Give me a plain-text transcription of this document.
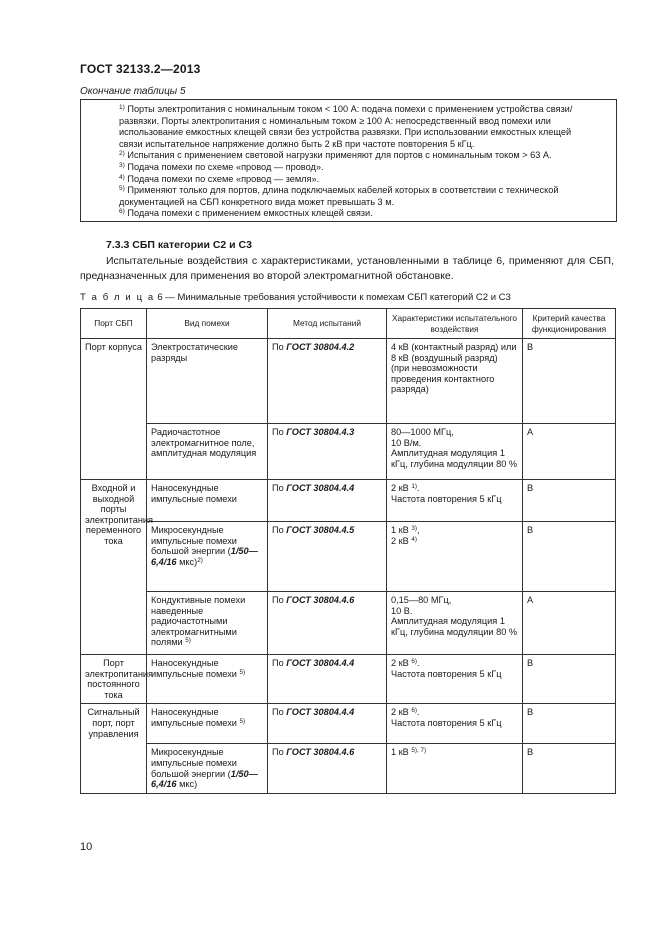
ГОСТ 32133.2—2013
Окончание таблицы 5

$^{1)}$ Порты электропитания с номинальным током < 100 А: подача помехи с применением устройства связи/развязки. Порты электропитания с номинальным током ≥ 100 А: непосредственный ввод помехи или использование емкостных клещей связи без устройства развязки. При использовании емкостных клещей связи испытательное напряжение должно быть 2 кВ при частоте повторения 5 кГц.

$^{2)}$ Испытания с применением световой нагрузки применяют для портов с номинальным током > 63 А.

$^{3)}$ Подача помехи по схеме «провод — провод».

$^{4)}$ Подача помехи по схеме «провод — земля».

$^{5)}$ Применяют только для портов, длина подключаемых кабелей которых в соответствии с технической документацией на СБП конкретного вида может превышать 3 м.

$^{6)}$ Подача помехи с применением емкостных клещей связи.

7.3.3 СБП категории С2 и С3
Испытательные воздействия с характеристиками, установленными в таблице 6, применяют для СБП, предназначенных для применения во второй электромагнитной обстановке.
Т а б л и ц а 6 — Минимальные требования устойчивости к помехам СБП категорий С2 и С3
Порт СБП	Вид помехи	Метод испытаний	Характеристики испытательного воздействия	Критерий качества функционирования
Порт корпуса	Электростатические разряды	По ГОСТ 30804.4.2	4 кВ (контактный разряд) или 8 кВ (воздушный разряд) (при невозможности проведения контактного разряда)	B
	Радиочастотное электромагнитное поле, амплитудная модуляция	По ГОСТ 30804.4.3	80—1000 МГц,
10 В/м.
Амплитудная модуляция 1 кГц, глубина модуляции 80 %	A
Входной и выходной порты электропитания переменного тока	Наносекундные импульсные помехи	По ГОСТ 30804.4.4	2 кВ $^{1)}$.
Частота повторения 5 кГц	B
	Микросекундные импульсные помехи большой энергии (1/50—6,4/16 мкс)$^{2)}$	По ГОСТ 30804.4.5	1 кВ $^{3)}$,
2 кВ $^{4)}$	B
	Кондуктивные помехи наведенные радиочастотными электромагнитными полями $^{5)}$	По ГОСТ 30804.4.6	0,15—80 МГц,
10 В.
Амплитудная модуляция 1 кГц, глубина модуляции 80 %	A
Порт электропитания постоянного тока	Наносекундные импульсные помехи $^{5)}$	По ГОСТ 30804.4.4	2 кВ $^{6)}$.
Частота повторения 5 кГц	B
Сигнальный порт, порт управления	Наносекундные импульсные помехи $^{5)}$	По ГОСТ 30804.4.4	2 кВ $^{6)}$.
Частота повторения 5 кГц	B
	Микросекундные импульсные помехи большой энергии (1/50—6,4/16 мкс)	По ГОСТ 30804.4.6	1 кВ $^{5), 7)}$	B
10
